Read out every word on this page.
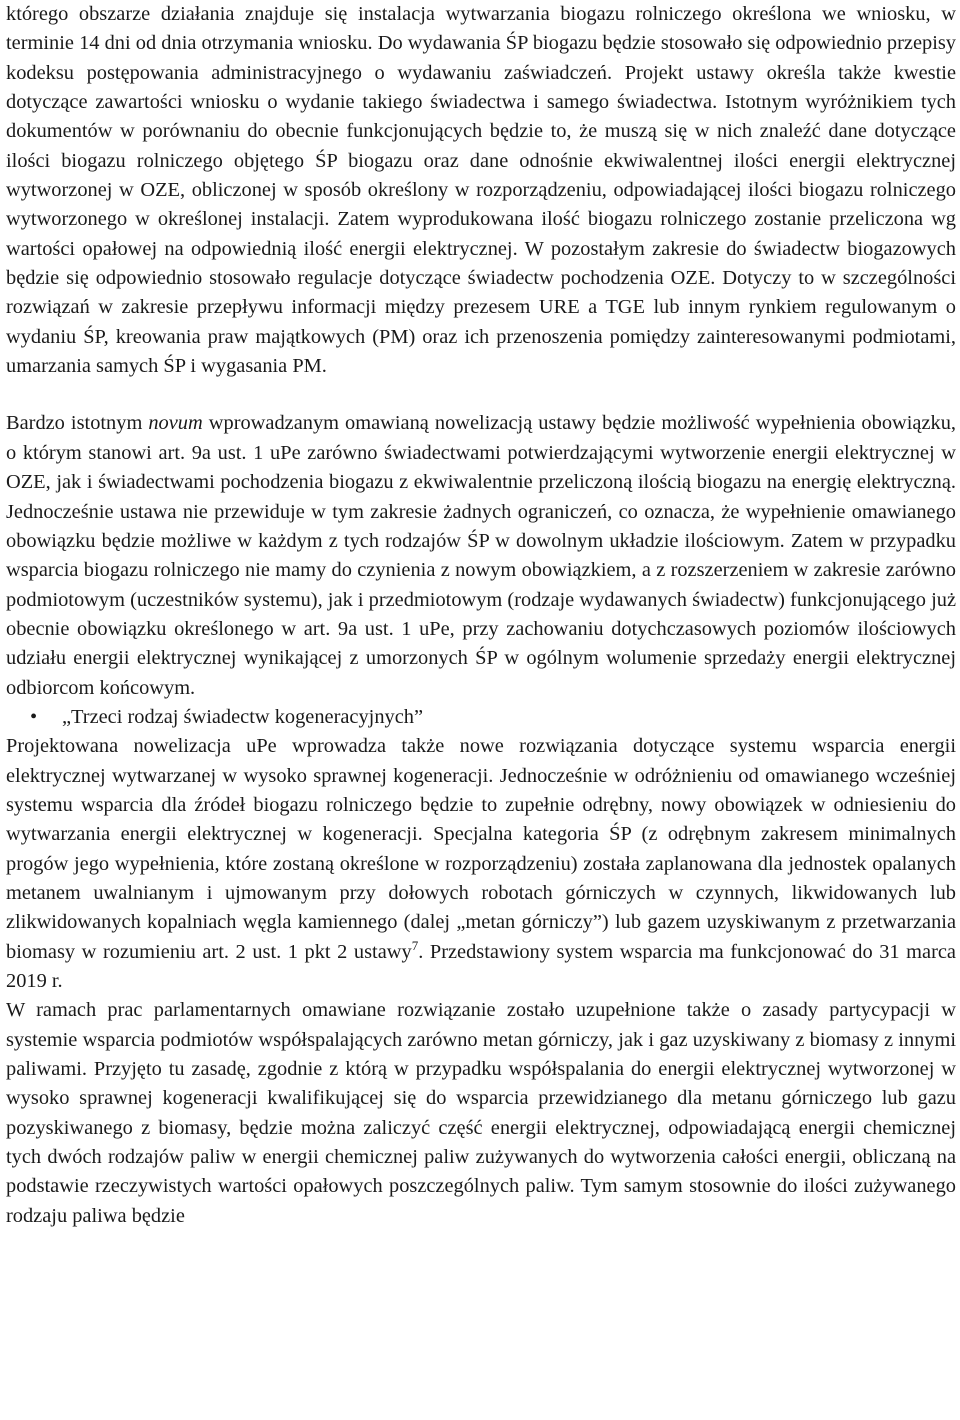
którego obszarze działania znajduje się instalacja wytwarzania biogazu rolniczego określona we wniosku, w terminie 14 dni od dnia otrzymania wniosku. Do wydawania ŚP biogazu będzie stosowało się odpowiednio przepisy kodeksu postępowania administracyjnego o wydawaniu zaświadczeń. Projekt ustawy określa także kwestie dotyczące zawartości wniosku o wydanie takiego świadectwa i samego świadectwa. Istotnym wyróżnikiem tych dokumentów w porównaniu do obecnie funkcjonujących będzie to, że muszą się w nich znaleźć dane dotyczące ilości biogazu rolniczego objętego ŚP biogazu oraz dane odnośnie ekwiwalentnej ilości energii elektrycznej wytworzonej w OZE, obliczonej w sposób określony w rozporządzeniu, odpowiadającej ilości biogazu rolniczego wytworzonego w określonej instalacji. Zatem wyprodukowana ilość biogazu rolniczego zostanie przeliczona wg wartości opałowej na odpowiednią ilość energii elektrycznej. W pozostałym zakresie do świadectw biogazowych będzie się odpowiednio stosowało regulacje dotyczące świadectw pochodzenia OZE. Dotyczy to w szczególności rozwiązań w zakresie przepływu informacji między prezesem URE a TGE lub innym rynkiem regulowanym o wydaniu ŚP, kreowania praw majątkowych (PM) oraz ich przenoszenia pomiędzy zainteresowanymi podmiotami, umarzania samych ŚP i wygasania PM.

Bardzo istotnym novum wprowadzanym omawianą nowelizacją ustawy będzie możliwość wypełnienia obowiązku, o którym stanowi art. 9a ust. 1 uPe zarówno świadectwami potwierdzającymi wytworzenie energii elektrycznej w OZE, jak i świadectwami pochodzenia biogazu z ekwiwalentnie przeliczoną ilością biogazu na energię elektryczną. Jednocześnie ustawa nie przewiduje w tym zakresie żadnych ograniczeń, co oznacza, że wypełnienie omawianego obowiązku będzie możliwe w każdym z tych rodzajów ŚP w dowolnym układzie ilościowym. Zatem w przypadku wsparcia biogazu rolniczego nie mamy do czynienia z nowym obowiązkiem, a z rozszerzeniem w zakresie zarówno podmiotowym (uczestników systemu), jak i przedmiotowym (rodzaje wydawanych świadectw) funkcjonującego już obecnie obowiązku określonego w art. 9a ust. 1 uPe, przy zachowaniu dotychczasowych poziomów ilościowych udziału energii elektrycznej wynikającej z umorzonych ŚP w ogólnym wolumenie sprzedaży energii elektrycznej odbiorcom końcowym.

• „Trzeci rodzaj świadectw kogeneracyjnych”

Projektowana nowelizacja uPe wprowadza także nowe rozwiązania dotyczące systemu wsparcia energii elektrycznej wytwarzanej w wysoko sprawnej kogeneracji. Jednocześnie w odróżnieniu od omawianego wcześniej systemu wsparcia dla źródeł biogazu rolniczego będzie to zupełnie odrębny, nowy obowiązek w odniesieniu do wytwarzania energii elektrycznej w kogeneracji. Specjalna kategoria ŚP (z odrębnym zakresem minimalnych progów jego wypełnienia, które zostaną określone w rozporządzeniu) została zaplanowana dla jednostek opalanych metanem uwalnianym i ujmowanym przy dołowych robotach górniczych w czynnych, likwidowanych lub zlikwidowanych kopalniach węgla kamiennego (dalej „metan górniczy”) lub gazem uzyskiwanym z przetwarzania biomasy w rozumieniu art. 2 ust. 1 pkt 2 ustawy$^7$. Przedstawiony system wsparcia ma funkcjonować do 31 marca 2019 r.

W ramach prac parlamentarnych omawiane rozwiązanie zostało uzupełnione także o zasady partycypacji w systemie wsparcia podmiotów współspalających zarówno metan górniczy, jak i gaz uzyskiwany z biomasy z innymi paliwami. Przyjęto tu zasadę, zgodnie z którą w przypadku współspalania do energii elektrycznej wytworzonej w wysoko sprawnej kogeneracji kwalifikującej się do wsparcia przewidzianego dla metanu górniczego lub gazu pozyskiwanego z biomasy, będzie można zaliczyć część energii elektrycznej, odpowiadającą energii chemicznej tych dwóch rodzajów paliw w energii chemicznej paliw zużywanych do wytworzenia całości energii, obliczaną na podstawie rzeczywistych wartości opałowych poszczególnych paliw. Tym samym stosownie do ilości zużywanego rodzaju paliwa będzie
